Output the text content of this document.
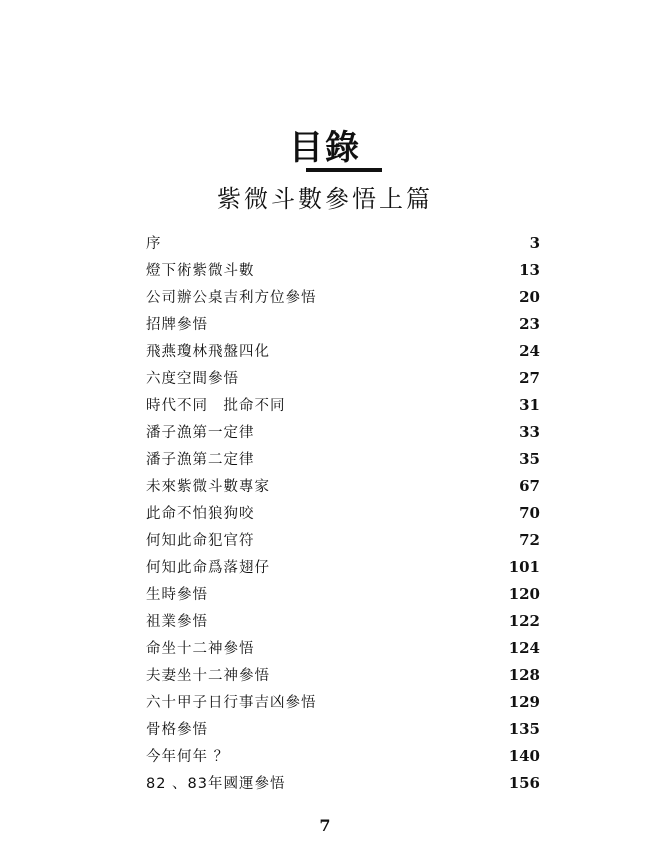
目錄
紫微斗數參悟上篇
序	3
燈下術紫微斗數	13
公司辦公桌吉利方位參悟	20
招牌參悟	23
飛燕瓊林飛盤四化	24
六度空間參悟	27
時代不同　批命不同	31
潘子漁第一定律	33
潘子漁第二定律	35
未來紫微斗數專家	67
此命不怕狼狗咬	70
何知此命犯官符	72
何知此命爲落翅仔	101
生時參悟	120
祖業參悟	122
命坐十二神參悟	124
夫妻坐十二神參悟	128
六十甲子日行事吉凶參悟	129
骨格參悟	135
今年何年 ？	140
82 、83年國運參悟	156
7
